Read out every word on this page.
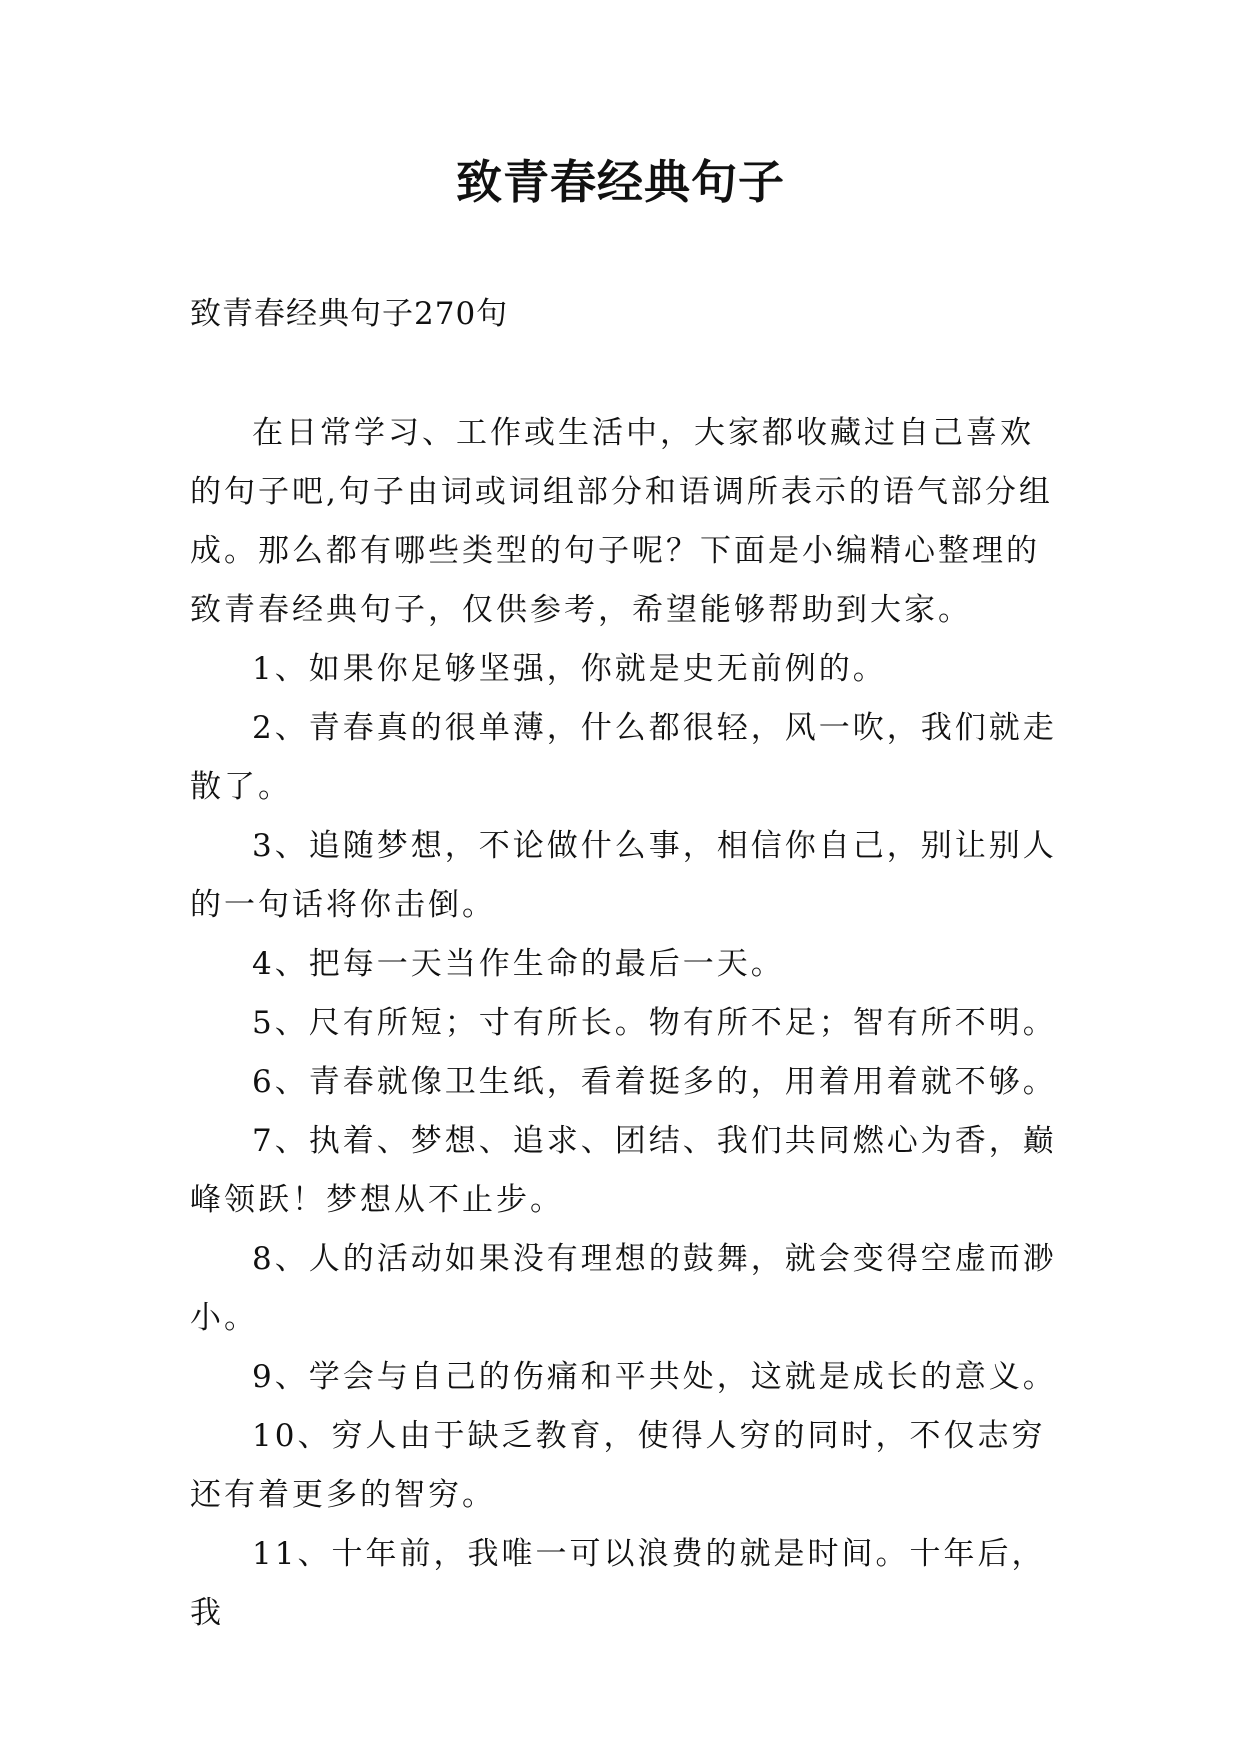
致青春经典句子
致青春经典句子270句

在日常学习、工作或生活中，大家都收藏过自己喜欢的句子吧,句子由词或词组部分和语调所表示的语气部分组成。那么都有哪些类型的句子呢？下面是小编精心整理的致青春经典句子，仅供参考，希望能够帮助到大家。

1、如果你足够坚强，你就是史无前例的。

2、青春真的很单薄，什么都很轻，风一吹，我们就走散了。

3、追随梦想，不论做什么事，相信你自己，别让别人的一句话将你击倒。

4、把每一天当作生命的最后一天。

5、尺有所短；寸有所长。物有所不足；智有所不明。

6、青春就像卫生纸，看着挺多的，用着用着就不够。

7、执着、梦想、追求、团结、我们共同燃心为香，巅峰领跃！梦想从不止步。

8、人的活动如果没有理想的鼓舞，就会变得空虚而渺小。

9、学会与自己的伤痛和平共处，这就是成长的意义。

10、穷人由于缺乏教育，使得人穷的同时，不仅志穷还有着更多的智穷。

11、十年前，我唯一可以浪费的就是时间。十年后，我
